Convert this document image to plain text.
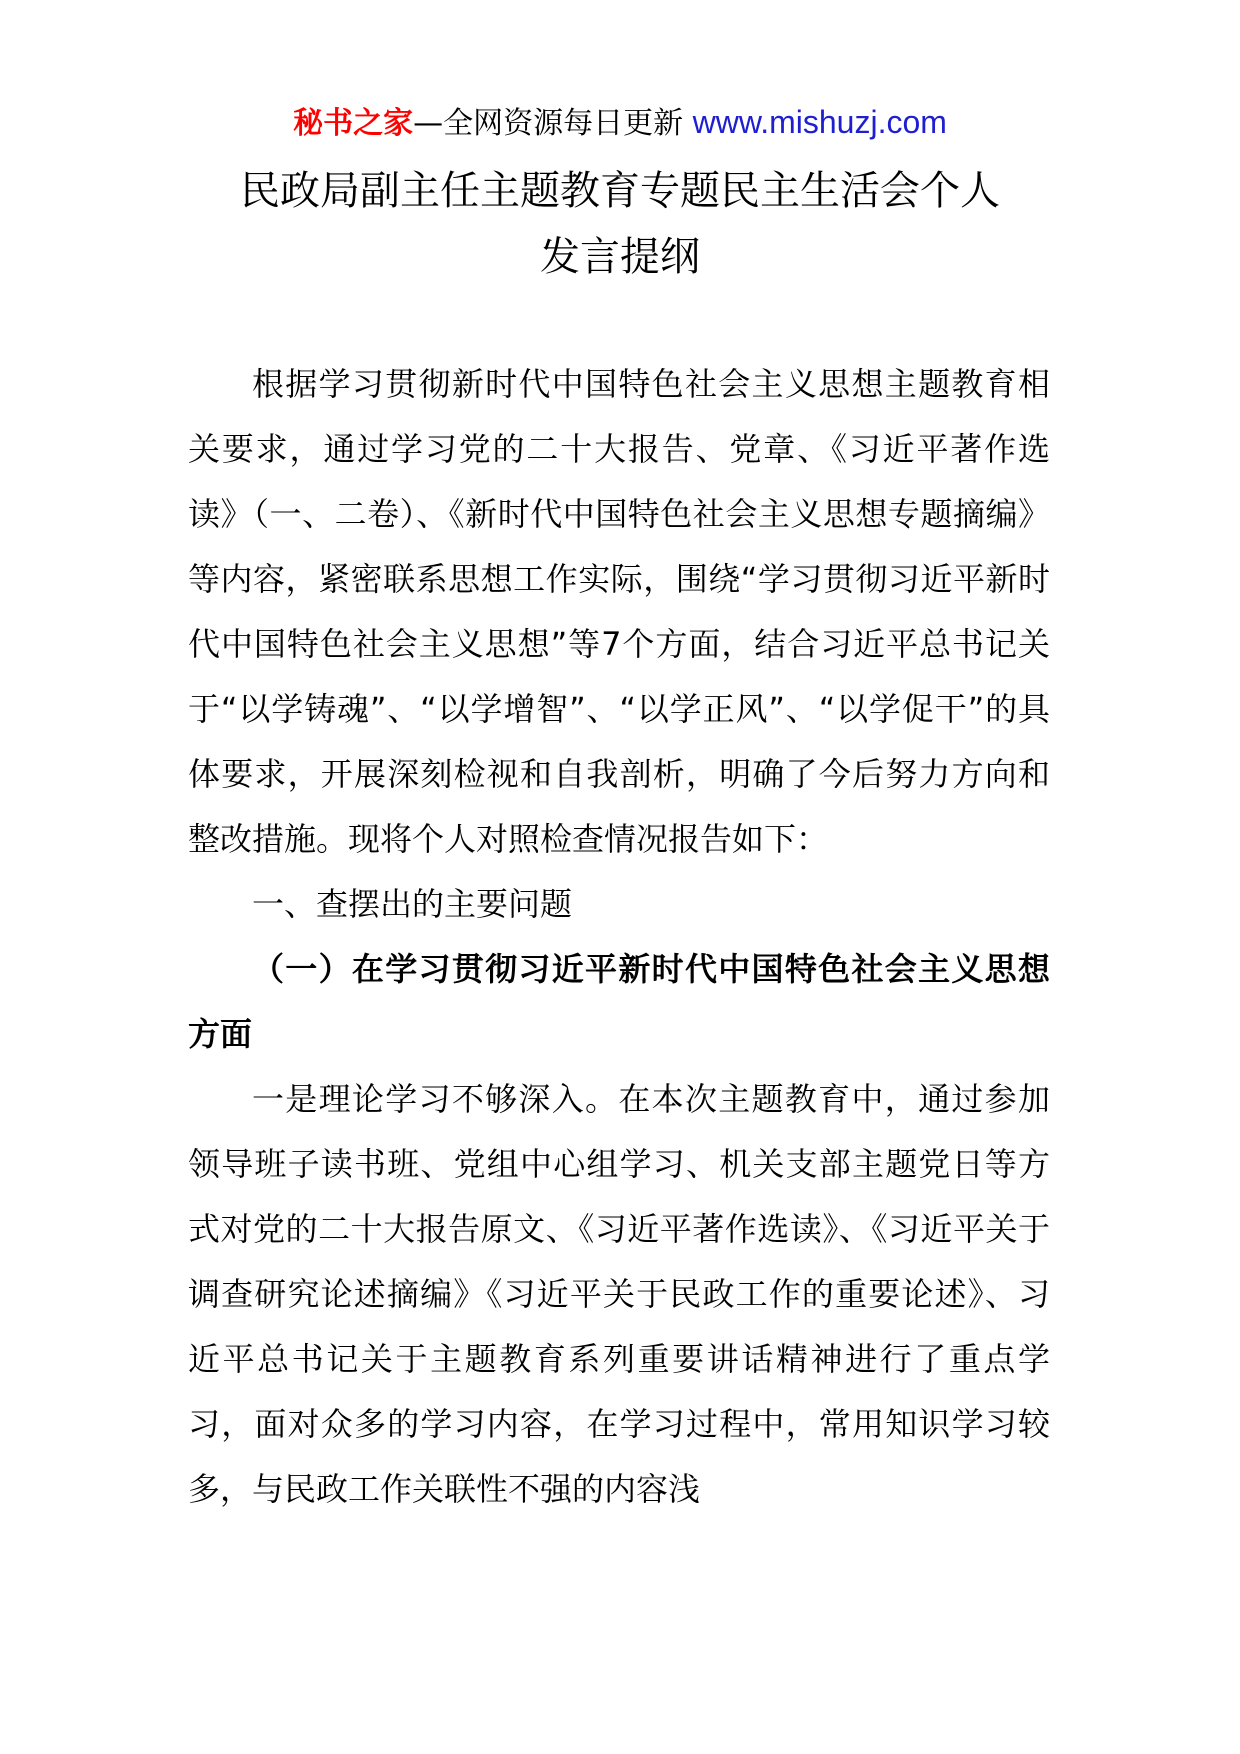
秘书之家—全网资源每日更新 www.mishuzj.com
民政局副主任主题教育专题民主生活会个人
发言提纲

根据学习贯彻新时代中国特色社会主义思想主题教育相关要求，通过学习党的二十大报告、党章、《习近平著作选读》（一、二卷）、《新时代中国特色社会主义思想专题摘编》等内容，紧密联系思想工作实际，围绕“学习贯彻习近平新时代中国特色社会主义思想”等7个方面，结合习近平总书记关于“以学铸魂”、“以学增智”、“以学正风”、“以学促干”的具体要求，开展深刻检视和自我剖析，明确了今后努力方向和整改措施。现将个人对照检查情况报告如下：

一、查摆出的主要问题

（一）在学习贯彻习近平新时代中国特色社会主义思想方面

一是理论学习不够深入。在本次主题教育中，通过参加领导班子读书班、党组中心组学习、机关支部主题党日等方式对党的二十大报告原文、《习近平著作选读》、《习近平关于调查研究论述摘编》《习近平关于民政工作的重要论述》、习近平总书记关于主题教育系列重要讲话精神进行了重点学习，面对众多的学习内容，在学习过程中，常用知识学习较多，与民政工作关联性不强的内容浅
